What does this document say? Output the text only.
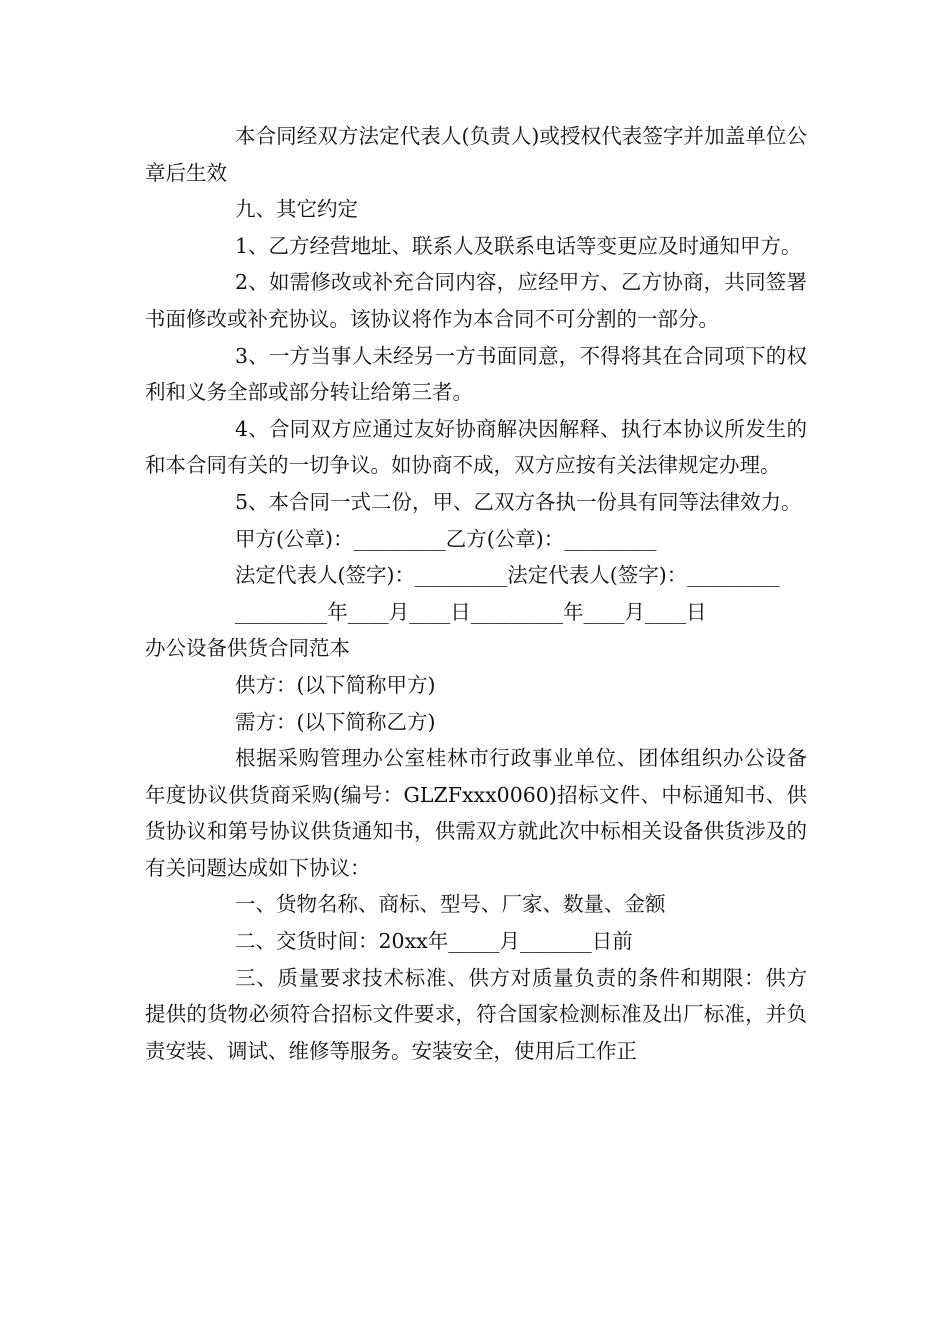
本合同经双方法定代表人(负责人)或授权代表签字并加盖单位公章后生效

九、其它约定

1、乙方经营地址、联系人及联系电话等变更应及时通知甲方。

2、如需修改或补充合同内容，应经甲方、乙方协商，共同签署书面修改或补充协议。该协议将作为本合同不可分割的一部分。

3、一方当事人未经另一方书面同意，不得将其在合同项下的权利和义务全部或部分转让给第三者。

4、合同双方应通过友好协商解决因解释、执行本协议所发生的和本合同有关的一切争议。如协商不成，双方应按有关法律规定办理。

5、本合同一式二份，甲、乙双方各执一份具有同等法律效力。

甲方(公章)：_________乙方(公章)：_________

法定代表人(签字)：_________法定代表人(签字)：_________

_________年____月____日_________年____月____日

办公设备供货合同范本

供方：(以下简称甲方)

需方：(以下简称乙方)

根据采购管理办公室桂林市行政事业单位、团体组织办公设备年度协议供货商采购(编号：GLZFxxx0060)招标文件、中标通知书、供货协议和第号协议供货通知书，供需双方就此次中标相关设备供货涉及的有关问题达成如下协议：

一、货物名称、商标、型号、厂家、数量、金额

二、交货时间：20xx年_____月_______日前

三、质量要求技术标准、供方对质量负责的条件和期限：供方提供的货物必须符合招标文件要求，符合国家检测标准及出厂标准，并负责安装、调试、维修等服务。安装安全，使用后工作正
